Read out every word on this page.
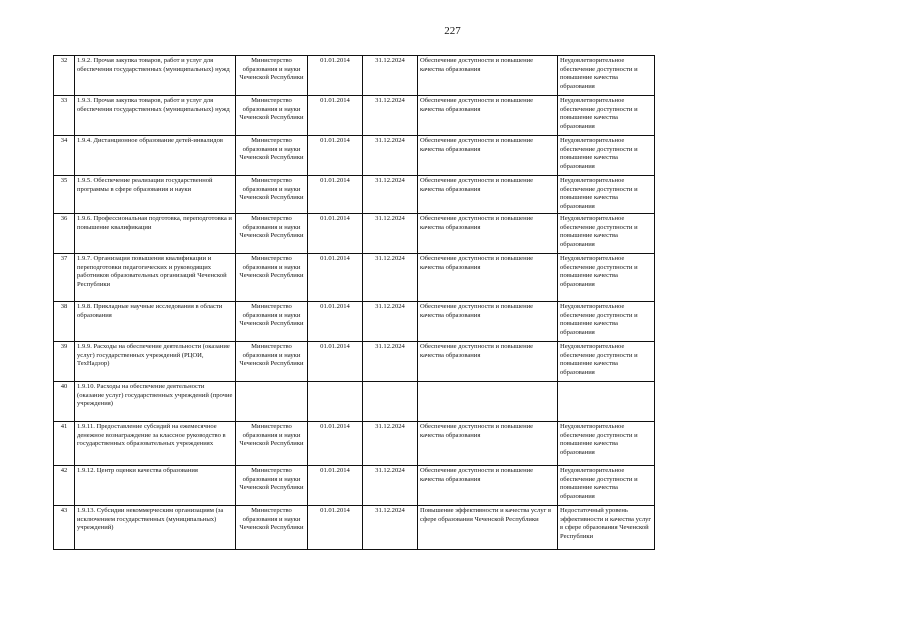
227
32	1.9.2. Прочая закупка товаров, работ и услуг для обеспечения государственных (муниципальных) нужд	Министерство образования и науки Чеченской Республики	01.01.2014	31.12.2024	Обеспечение доступности и повышение качества образования	Неудовлетворительное обеспечение доступности и повышение качества образования
33	1.9.3. Прочая закупка товаров, работ и услуг для обеспечения государственных (муниципальных) нужд	Министерство образования и науки Чеченской Республики	01.01.2014	31.12.2024	Обеспечение доступности и повышение качества образования	Неудовлетворительное обеспечение доступности и повышение качества образования
34	1.9.4. Дистанционное образование детей-инвалидов	Министерство образования и науки Чеченской Республики	01.01.2014	31.12.2024	Обеспечение доступности и повышение качества образования	Неудовлетворительное обеспечение доступности и повышение качества образования
35	1.9.5. Обеспечение реализации государственной программы в сфере образования и науки	Министерство образования и науки Чеченской Республики	01.01.2014	31.12.2024	Обеспечение доступности и повышение качества образования	Неудовлетворительное обеспечение доступности и повышение качества образования
36	1.9.6. Профессиональная подготовка, переподготовка и повышение квалификации	Министерство образования и науки Чеченской Республики	01.01.2014	31.12.2024	Обеспечение доступности и повышение качества образования	Неудовлетворительное обеспечение доступности и повышение качества образования
37	1.9.7. Организация повышения квалификации и переподготовки педагогических и руководящих работников образовательных организаций Чеченской Республики	Министерство образования и науки Чеченской Республики	01.01.2014	31.12.2024	Обеспечение доступности и повышение качества образования	Неудовлетворительное обеспечение доступности и повышение качества образования
38	1.9.8. Прикладные научные исследования в области образования	Министерство образования и науки Чеченской Республики	01.01.2014	31.12.2024	Обеспечение доступности и повышение качества образования	Неудовлетворительное обеспечение доступности и повышение качества образования
39	1.9.9. Расходы на обеспечение деятельности (оказание услуг) государственных учреждений (РЦОИ, ТехНадзор)	Министерство образования и науки Чеченской Республики	01.01.2014	31.12.2024	Обеспечение доступности и повышение качества образования	Неудовлетворительное обеспечение доступности и повышение качества образования
40	1.9.10. Расходы на обеспечение деятельности (оказание услуг) государственных учреждений (прочие учреждения)					
41	1.9.11. Предоставление субсидий на ежемесячное денежное вознаграждение за классное руководство в государственных образовательных учреждениях	Министерство образования и науки Чеченской Республики	01.01.2014	31.12.2024	Обеспечение доступности и повышение качества образования	Неудовлетворительное обеспечение доступности и повышение качества образования
42	1.9.12. Центр оценки качества образования	Министерство образования и науки Чеченской Республики	01.01.2014	31.12.2024	Обеспечение доступности и повышение качества образования	Неудовлетворительное обеспечение доступности и повышение качества образования
43	1.9.13. Субсидии некоммерческим организациям (за исключением государственных (муниципальных) учреждений)	Министерство образования и науки Чеченской Республики	01.01.2014	31.12.2024	Повышение эффективности и качества услуг в сфере образования Чеченской Республики	Недостаточный уровень эффективности и качества услуг в сфере образования Чеченской Республики
